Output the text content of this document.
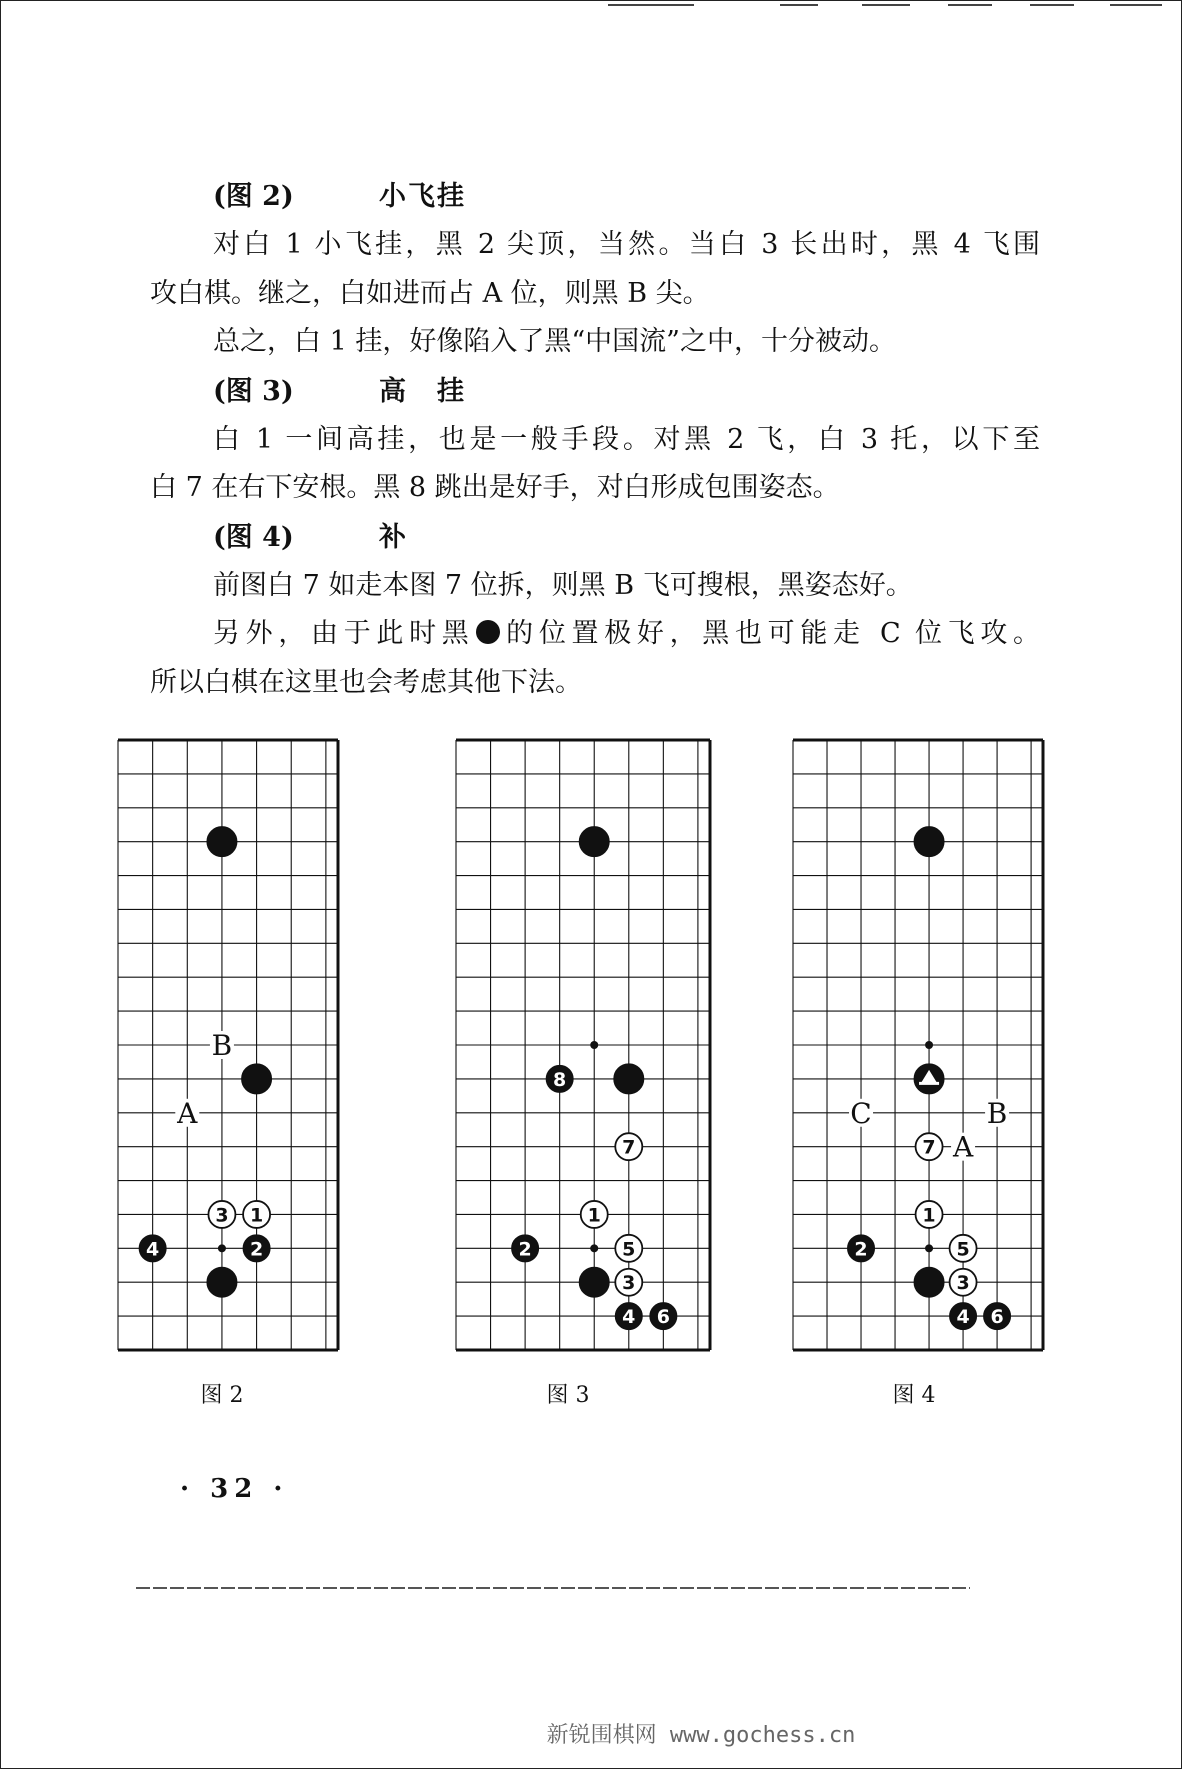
(图 2)	小飞挂

对白 1 小飞挂，黑 2 尖顶，当然。当白 3 长出时，黑 4 飞围

攻白棋。继之，白如进而占 A 位，则黑 B 尖。

总之，白 1 挂，好像陷入了黑“中国流”之中，十分被动。

(图 3)	高　挂

白 1 一间高挂，也是一般手段。对黑 2 飞，白 3 托，以下至

白 7 在右下安根。黑 8 跳出是好手，对白形成包围姿态。

(图 4)	补

前图白 7 如走本图 7 位拆，则黑 B 飞可搜根，黑姿态好。

另外，由于此时黑 的位置极好，黑也可能走 C 位飞攻。

所以白棋在这里也会考虑其他下法。

B
A
3 1
4	2
图 2
8
7
1
2	5
3
4 6
图 3
C	B
A
7
1
2	5
3
4 6
图 4
· 32 ·
新锐围棋网 www.gochess.cn
